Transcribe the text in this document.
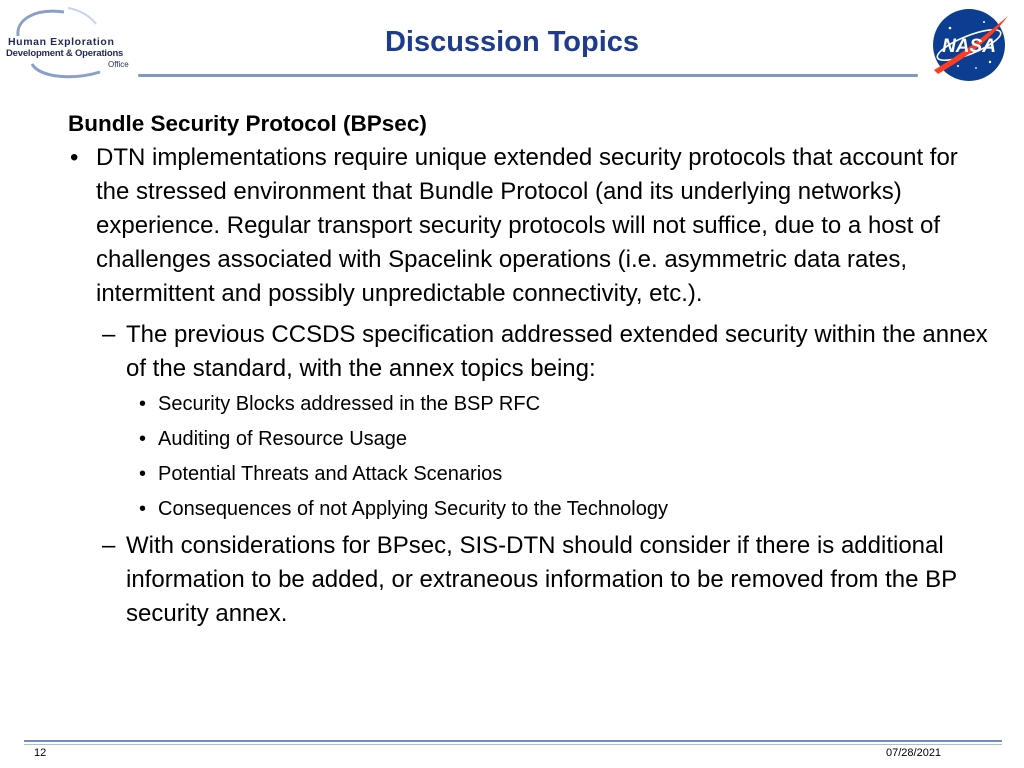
Human Exploration
Development & Operations
Office
Discussion Topics	NASA
Bundle Security Protocol (BPsec)
• DTN implementations require unique extended security protocols that account for the stressed environment that Bundle Protocol (and its underlying networks) experience. Regular transport security protocols will not suffice, due to a host of challenges associated with Spacelink operations (i.e. asymmetric data rates, intermittent and possibly unpredictable connectivity, etc.).
– The previous CCSDS specification addressed extended security within the annex of the standard, with the annex topics being:
• Security Blocks addressed in the BSP RFC
• Auditing of Resource Usage
• Potential Threats and Attack Scenarios
• Consequences of not Applying Security to the Technology
– With considerations for BPsec, SIS-DTN should consider if there is additional information to be added, or extraneous information to be removed from the BP security annex.
12	07/28/2021
